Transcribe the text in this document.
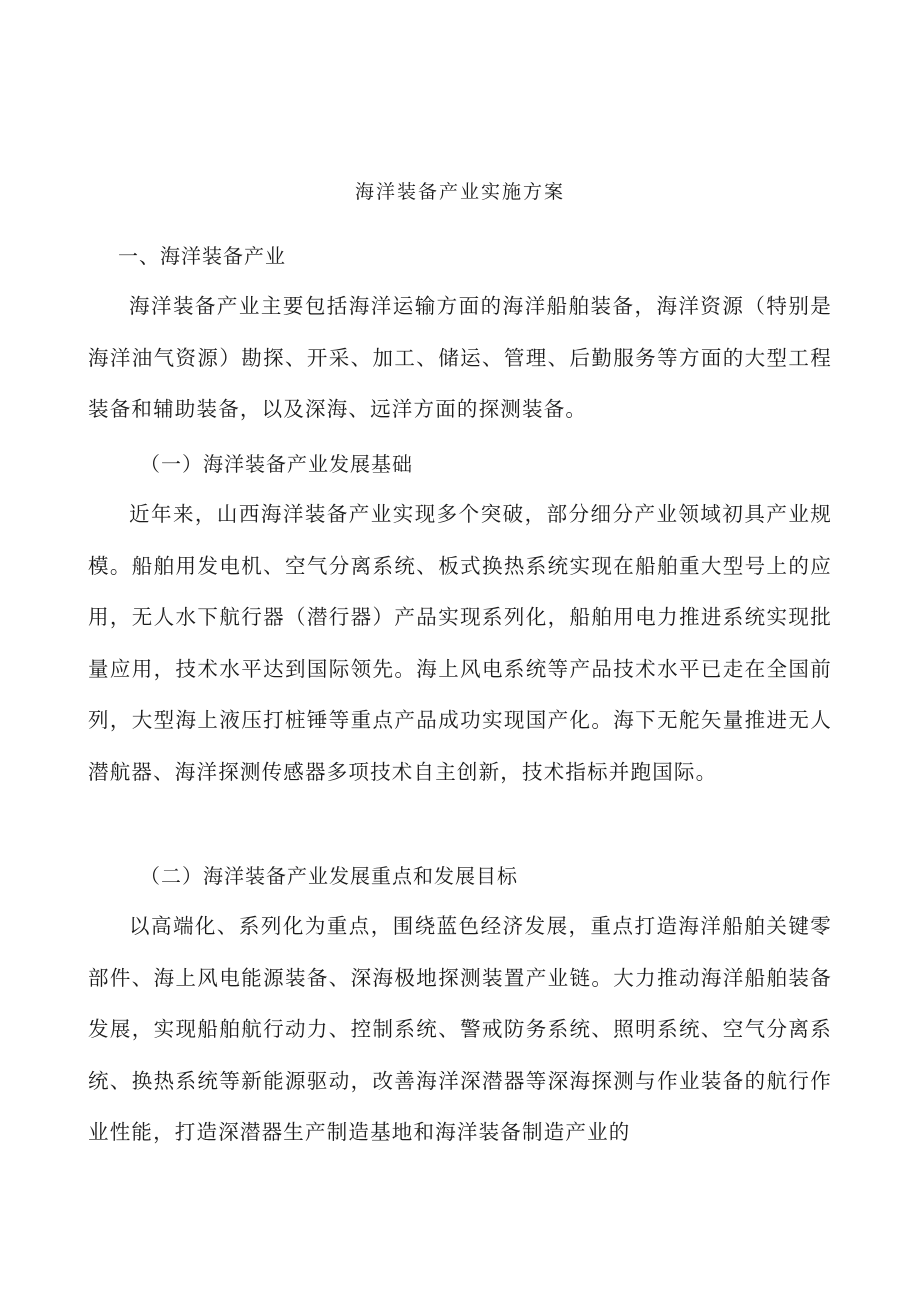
海洋装备产业实施方案
一、海洋装备产业

海洋装备产业主要包括海洋运输方面的海洋船舶装备，海洋资源（特别是海洋油气资源）勘探、开采、加工、储运、管理、后勤服务等方面的大型工程装备和辅助装备，以及深海、远洋方面的探测装备。

（一）海洋装备产业发展基础

近年来，山西海洋装备产业实现多个突破，部分细分产业领域初具产业规模。船舶用发电机、空气分离系统、板式换热系统实现在船舶重大型号上的应用，无人水下航行器（潜行器）产品实现系列化，船舶用电力推进系统实现批量应用，技术水平达到国际领先。海上风电系统等产品技术水平已走在全国前列，大型海上液压打桩锤等重点产品成功实现国产化。海下无舵矢量推进无人潜航器、海洋探测传感器多项技术自主创新，技术指标并跑国际。

（二）海洋装备产业发展重点和发展目标

以高端化、系列化为重点，围绕蓝色经济发展，重点打造海洋船舶关键零部件、海上风电能源装备、深海极地探测装置产业链。大力推动海洋船舶装备发展，实现船舶航行动力、控制系统、警戒防务系统、照明系统、空气分离系统、换热系统等新能源驱动，改善海洋深潜器等深海探测与作业装备的航行作业性能，打造深潜器生产制造基地和海洋装备制造产业的
